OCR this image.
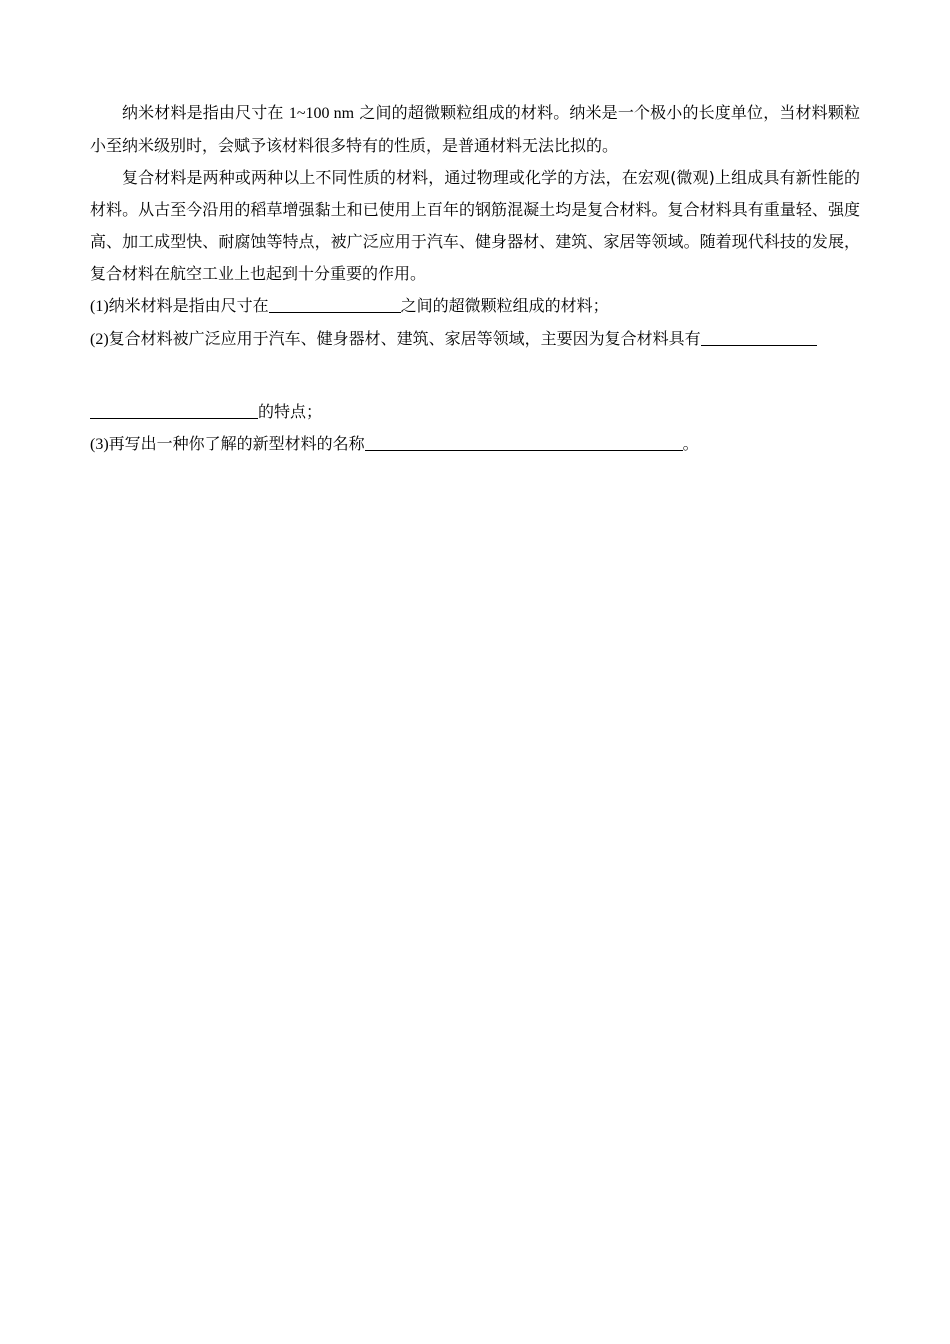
纳米材料是指由尺寸在 1~100 nm 之间的超微颗粒组成的材料。纳米是一个极小的长度单位，当材料颗粒小至纳米级别时，会赋予该材料很多特有的性质，是普通材料无法比拟的。

复合材料是两种或两种以上不同性质的材料，通过物理或化学的方法，在宏观(微观)上组成具有新性能的材料。从古至今沿用的稻草增强黏土和已使用上百年的钢筋混凝土均是复合材料。复合材料具有重量轻、强度高、加工成型快、耐腐蚀等特点，被广泛应用于汽车、健身器材、建筑、家居等领域。随着现代科技的发展，复合材料在航空工业上也起到十分重要的作用。

(1)纳米材料是指由尺寸在	之间的超微颗粒组成的材料；

(2)复合材料被广泛应用于汽车、健身器材、建筑、家居等领域，主要因为复合材料具有

的特点；

(3)再写出一种你了解的新型材料的名称	。
